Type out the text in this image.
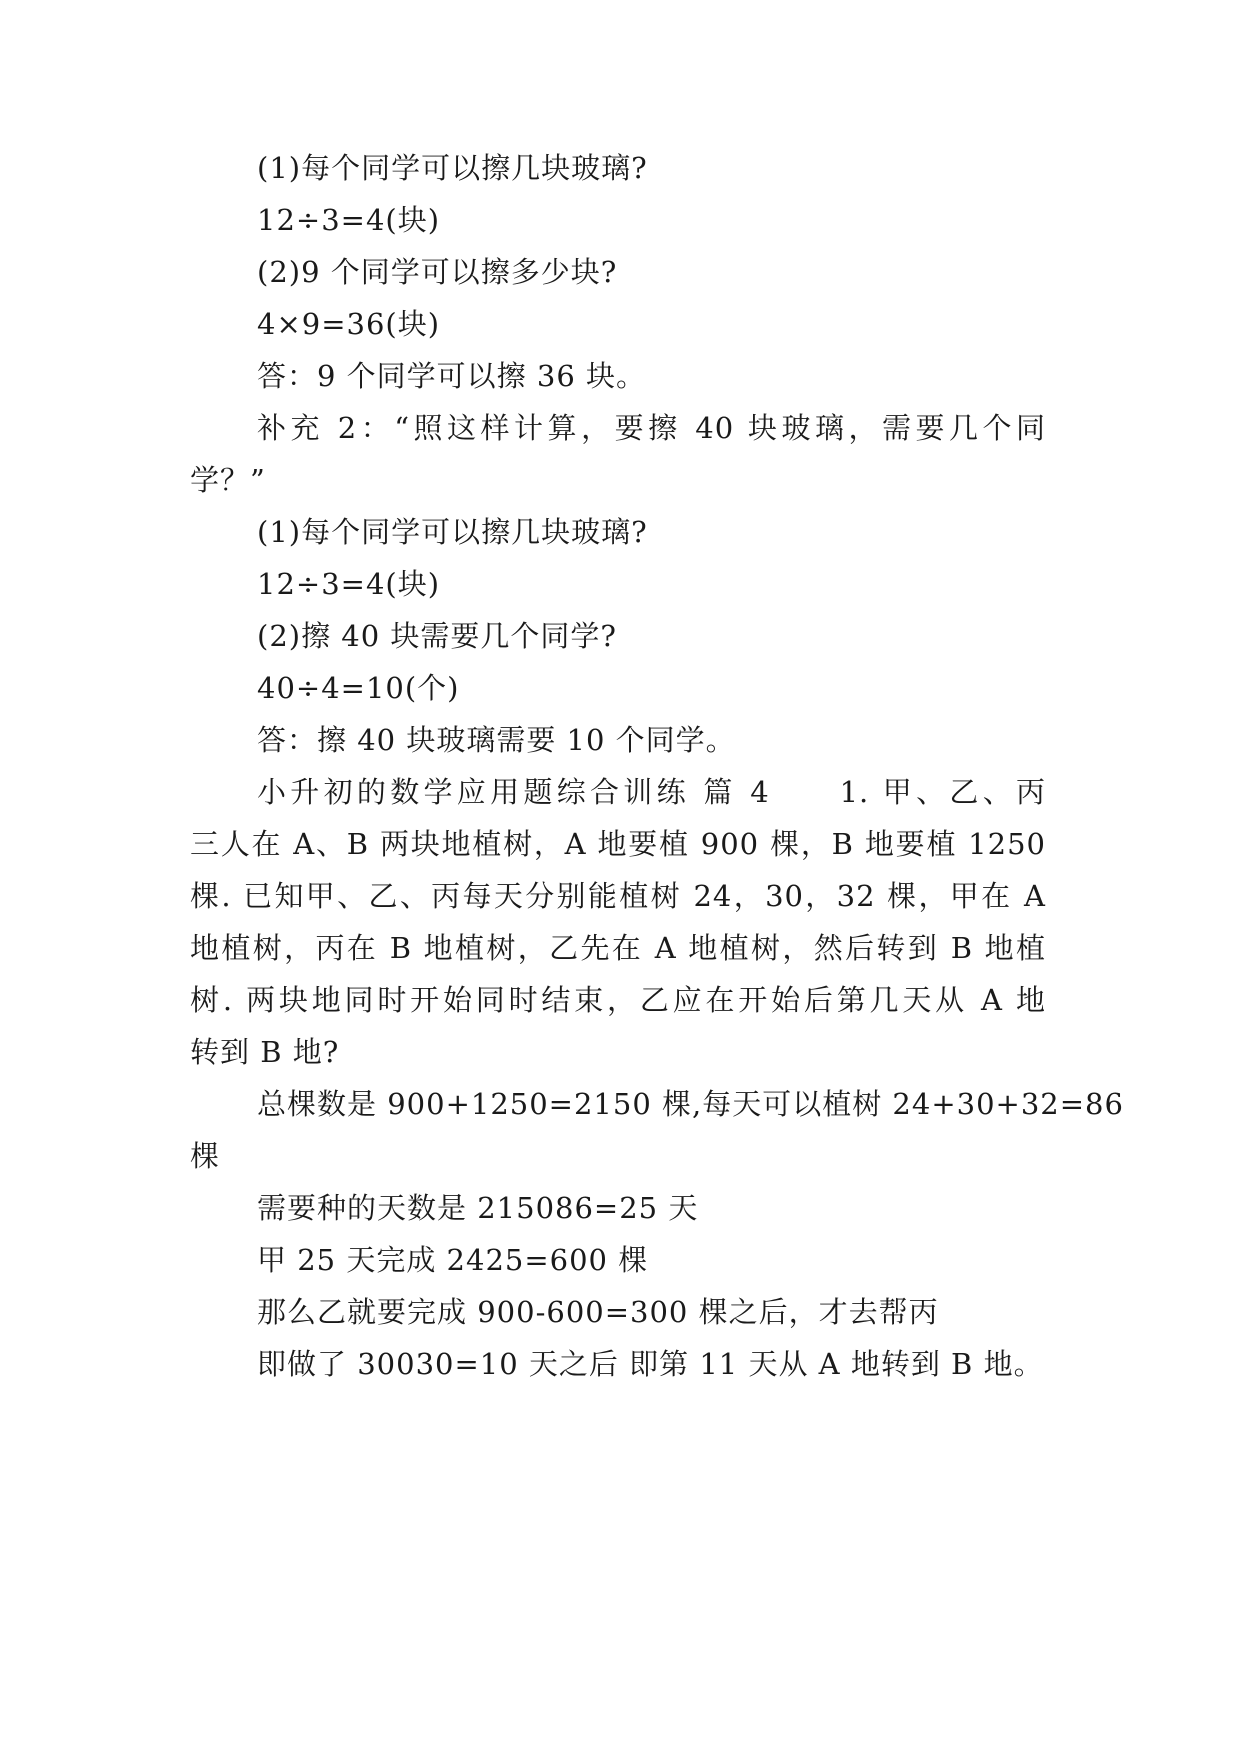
(1)每个同学可以擦几块玻璃?
12÷3=4(块)
(2)9 个同学可以擦多少块?
4×9=36(块)
答：9 个同学可以擦 36 块。
补充 2：“照这样计算，要擦 40 块玻璃，需要几个同
学？”
(1)每个同学可以擦几块玻璃?
12÷3=4(块)
(2)擦 40 块需要几个同学?
40÷4=10(个)
答：擦 40 块玻璃需要 10 个同学。
小升初的数学应用题综合训练 篇 4　　1. 甲、乙、丙
三人在 A、B 两块地植树，A 地要植 900 棵，B 地要植 1250
棵. 已知甲、乙、丙每天分别能植树 24，30，32 棵，甲在 A
地植树，丙在 B 地植树，乙先在 A 地植树，然后转到 B 地植
树. 两块地同时开始同时结束，乙应在开始后第几天从 A 地
转到 B 地?
总棵数是 900+1250=2150 棵,每天可以植树 24+30+32=86
棵
需要种的天数是 215086=25 天
甲 25 天完成 2425=600 棵
那么乙就要完成 900-600=300 棵之后，才去帮丙
即做了 30030=10 天之后 即第 11 天从 A 地转到 B 地。
